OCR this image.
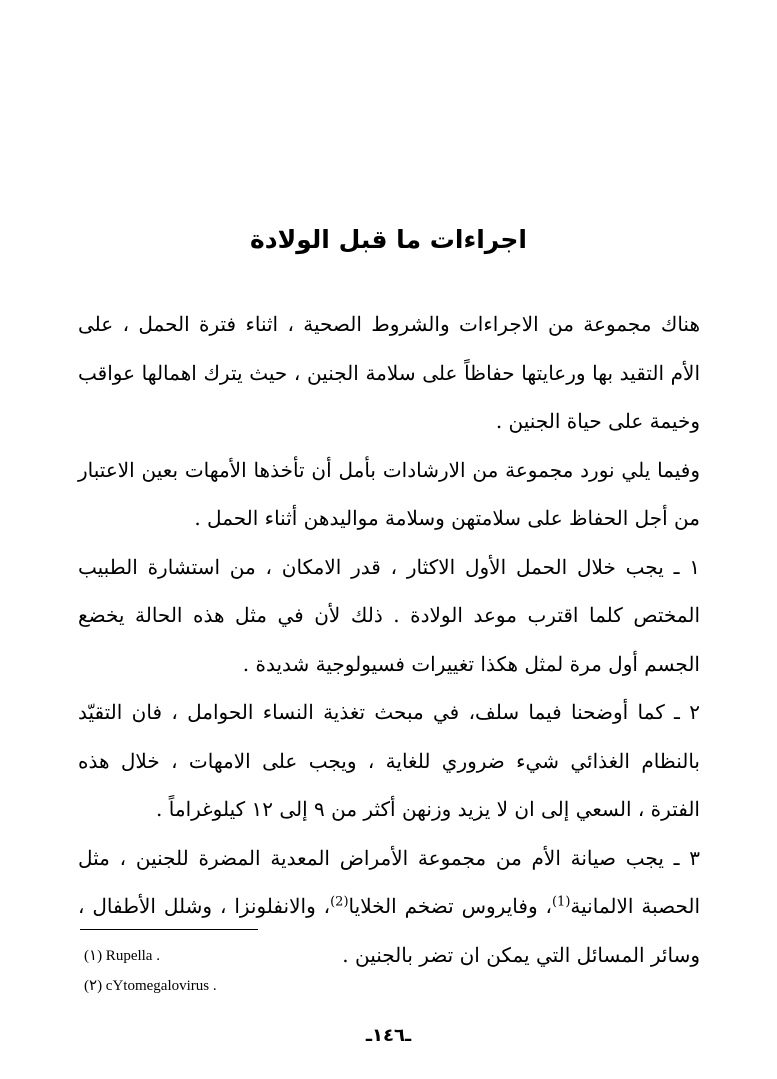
اجراءات ما قبل الولادة

هناك مجموعة من الاجراءات والشروط الصحية ، اثناء فترة الحمل ، على الأم التقيد بها ورعايتها حفاظاً على سلامة الجنين ، حيث يترك اهمالها عواقب وخيمة على حياة الجنين .

وفيما يلي نورد مجموعة من الارشادات بأمل أن تأخذها الأمهات بعين الاعتبار من أجل الحفاظ على سلامتهن وسلامة مواليدهن أثناء الحمل .

١ ـ يجب خلال الحمل الأول الاكثار ، قدر الامكان ، من استشارة الطبيب المختص كلما اقترب موعد الولادة . ذلك لأن في مثل هذه الحالة يخضع الجسم أول مرة لمثل هكذا تغييرات فسيولوجية شديدة .

٢ ـ كما أوضحنا فيما سلف، في مبحث تغذية النساء الحوامل ، فان التقيّد بالنظام الغذائي شيء ضروري للغاية ، ويجب على الامهات ، خلال هذه الفترة ، السعي إلى ان لا يزيد وزنهن أكثر من ٩ إلى ١٢ كيلوغراماً .

٣ ـ يجب صيانة الأم من مجموعة الأمراض المعدية المضرة للجنين ، مثل الحصبة الالمانية$^{(1)}$، وفايروس تضخم الخلايا$^{(2)}$، والانفلونزا ، وشلل الأطفال ، وسائر المسائل التي يمكن ان تضر بالجنين .

(١) Rupella .
(٢) cYtomegalovirus .
ـ١٤٦ـ
